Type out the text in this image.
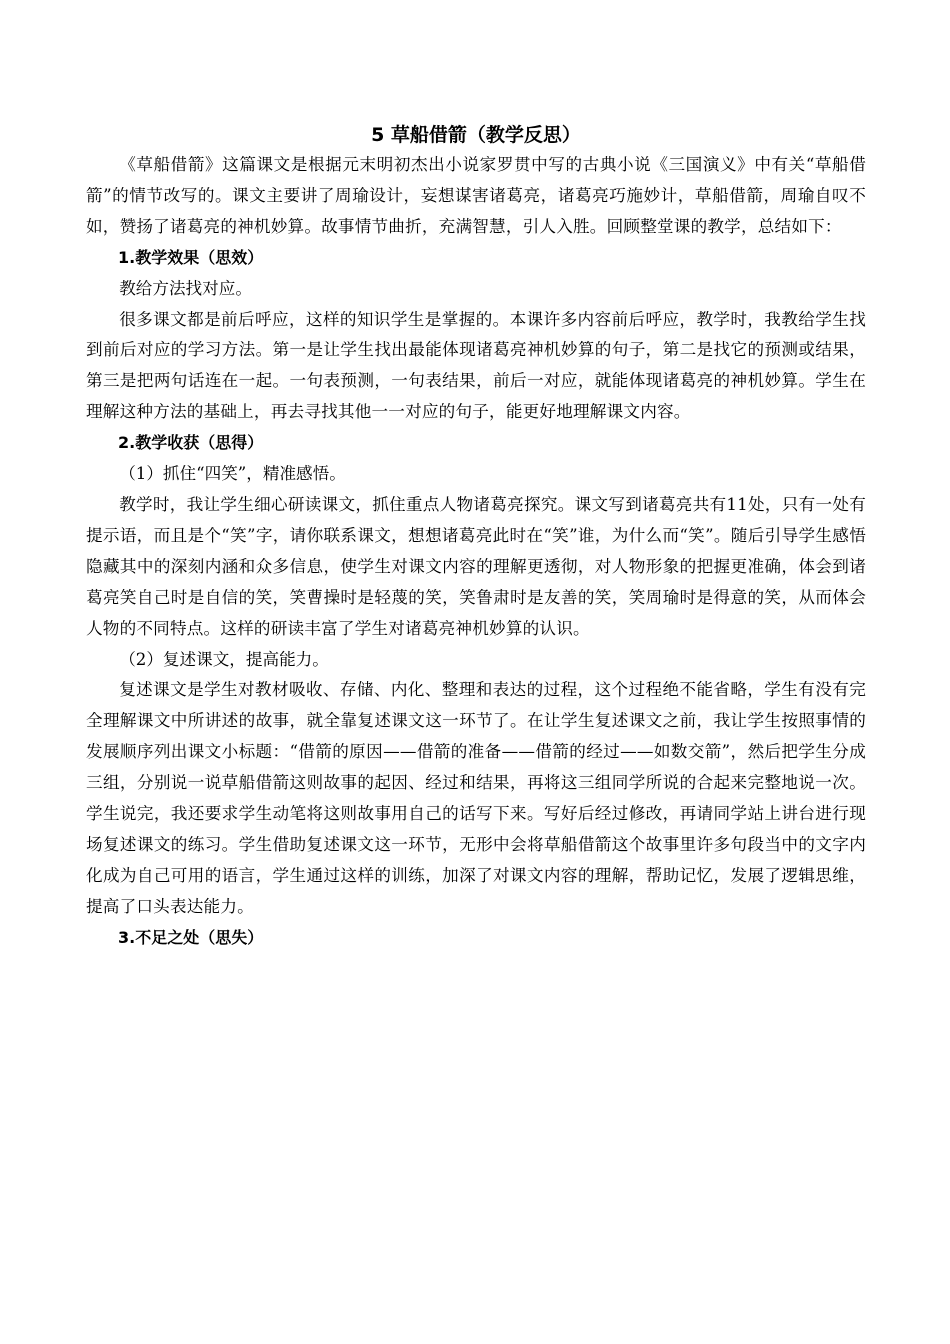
5 草船借箭（教学反思）

《草船借箭》这篇课文是根据元末明初杰出小说家罗贯中写的古典小说《三国演义》中有关“草船借箭”的情节改写的。课文主要讲了周瑜设计，妄想谋害诸葛亮，诸葛亮巧施妙计，草船借箭，周瑜自叹不如，赞扬了诸葛亮的神机妙算。故事情节曲折，充满智慧，引人入胜。回顾整堂课的教学，总结如下：

1.教学效果（思效）

教给方法找对应。

很多课文都是前后呼应，这样的知识学生是掌握的。本课许多内容前后呼应，教学时，我教给学生找到前后对应的学习方法。第一是让学生找出最能体现诸葛亮神机妙算的句子，第二是找它的预测或结果，第三是把两句话连在一起。一句表预测，一句表结果，前后一对应，就能体现诸葛亮的神机妙算。学生在理解这种方法的基础上，再去寻找其他一一对应的句子，能更好地理解课文内容。

2.教学收获（思得）

（1）抓住“四笑”，精准感悟。

教学时，我让学生细心研读课文，抓住重点人物诸葛亮探究。课文写到诸葛亮共有11处，只有一处有提示语，而且是个“笑”字，请你联系课文，想想诸葛亮此时在“笑”谁，为什么而“笑”。随后引导学生感悟隐藏其中的深刻内涵和众多信息，使学生对课文内容的理解更透彻，对人物形象的把握更准确，体会到诸葛亮笑自己时是自信的笑，笑曹操时是轻蔑的笑，笑鲁肃时是友善的笑，笑周瑜时是得意的笑，从而体会人物的不同特点。这样的研读丰富了学生对诸葛亮神机妙算的认识。

（2）复述课文，提高能力。

复述课文是学生对教材吸收、存储、内化、整理和表达的过程，这个过程绝不能省略，学生有没有完全理解课文中所讲述的故事，就全靠复述课文这一环节了。在让学生复述课文之前，我让学生按照事情的发展顺序列出课文小标题：“借箭的原因——借箭的准备——借箭的经过——如数交箭”，然后把学生分成三组，分别说一说草船借箭这则故事的起因、经过和结果，再将这三组同学所说的合起来完整地说一次。学生说完，我还要求学生动笔将这则故事用自己的话写下来。写好后经过修改，再请同学站上讲台进行现场复述课文的练习。学生借助复述课文这一环节，无形中会将草船借箭这个故事里许多句段当中的文字内化成为自己可用的语言，学生通过这样的训练，加深了对课文内容的理解，帮助记忆，发展了逻辑思维，提高了口头表达能力。

3.不足之处（思失）
